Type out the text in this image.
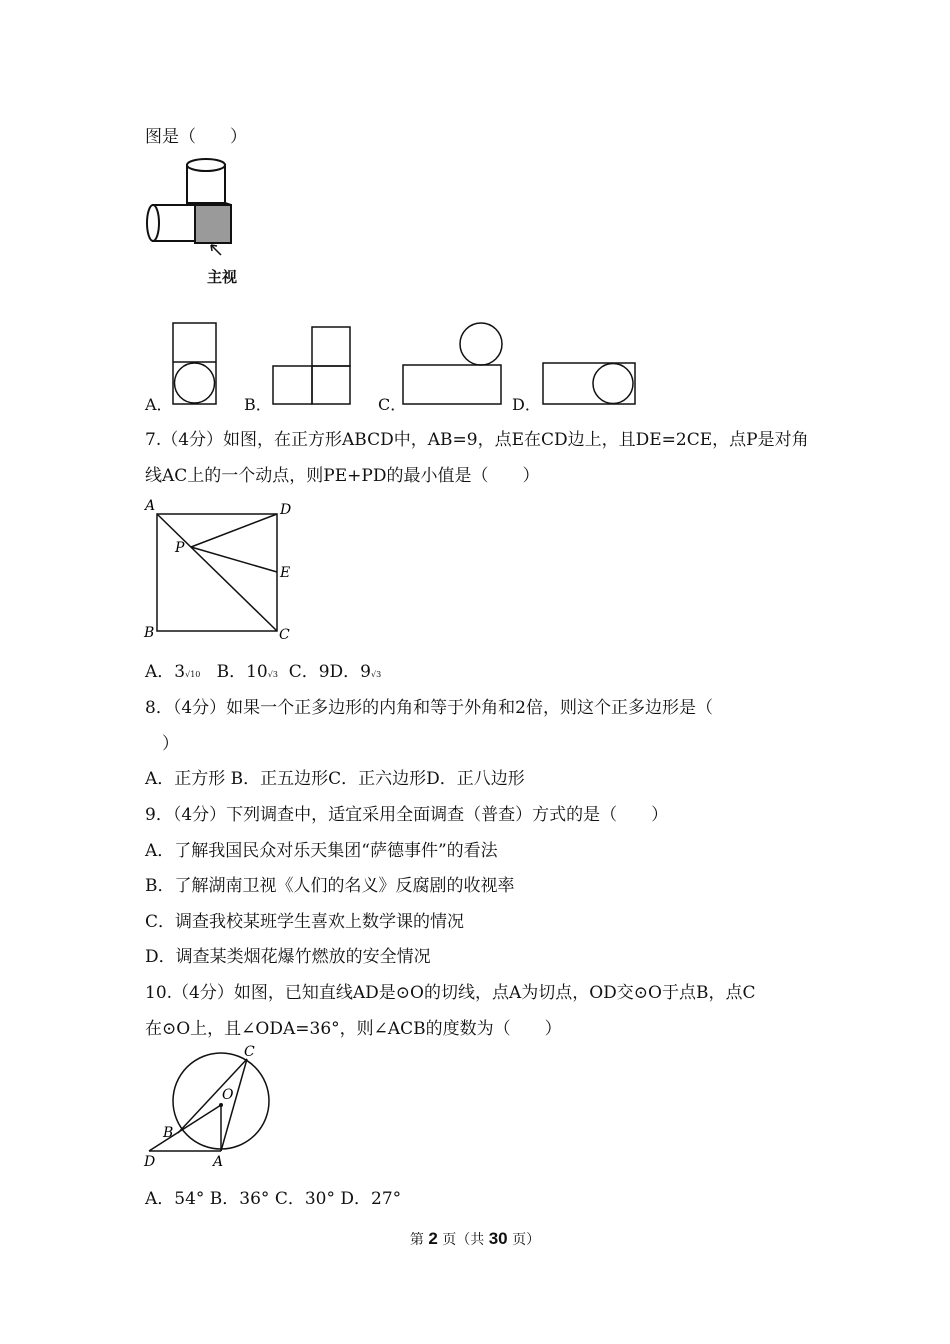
图是（　　）
主视
A．	B．	C．	D．
7.（4分）如图，在正方形ABCD中，AB=9，点E在CD边上，且DE=2CE，点P是对角
线AC上的一个动点，则PE+PD的最小值是（　　）
A	D
P
E
B	C
A．3√10 B．10√3 C．9D．9√3
8．（4分）如果一个正多边形的内角和等于外角和2倍，则这个正多边形是（
）
A．正方形 B．正五边形C．正六边形D．正八边形
9．（4分）下列调查中，适宜采用全面调查（普查）方式的是（　　）
A．了解我国民众对乐天集团“萨德事件”的看法
B．了解湖南卫视《人们的名义》反腐剧的收视率
C．调查我校某班学生喜欢上数学课的情况
D．调查某类烟花爆竹燃放的安全情况
10.（4分）如图，已知直线AD是⊙O的切线，点A为切点，OD交⊙O于点B，点C
在⊙O上，且∠ODA=36°，则∠ACB的度数为（　　）
C
O
B
D	A
A．54° B．36° C．30° D．27°
第 2 页（共 30 页）
